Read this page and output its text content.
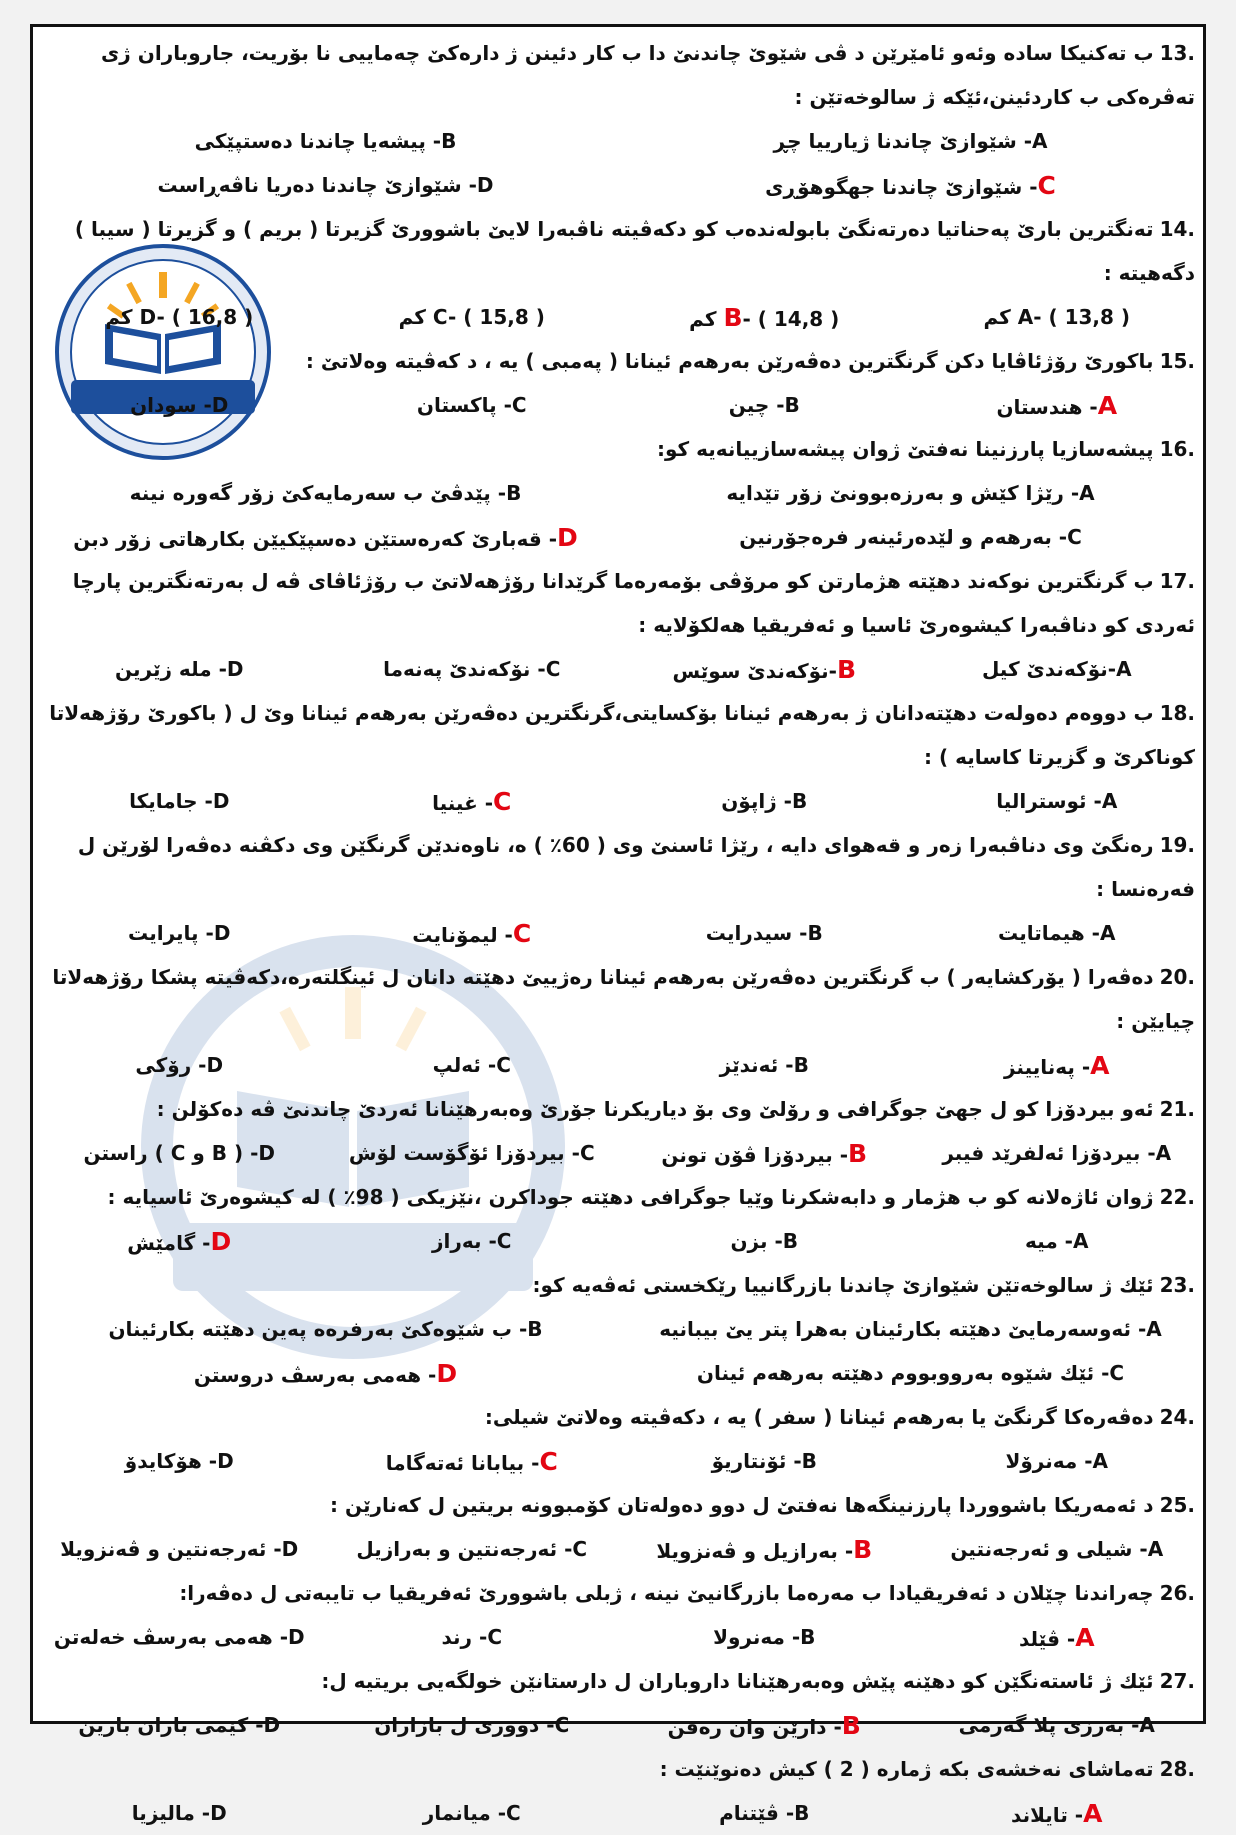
13.ب تەكنیكا سادە وئەو ئامێرێن د ڤی شێوێ چاندنێ دا ب كار دئینن ژ دارەكێ چەماییی نا بۆریت، جاروباران ژی تەڤرەكی ب كاردئینن،ئێكە ژ سالوخەتێن :
A- شێوازێ چاندنا ژیارییا چڕ
B- پیشەیا چاندنا دەستپێكی
C- شێوازێ چاندنا جهگوهۆڕی
D- شێوازێ چاندنا دەریا ناڤەڕاست
14.تەنگترین بارێ پەحناتیا دەرتەنگێ بابولەندەب كو دكەڤیتە ناڤبەرا لایێ باشوورێ گزیرتا ( بریم ) و گزیرتا ( سیبا ) دگەهیتە :
A- ( 13,8 ) كم
B- ( 14,8 ) كم
C- ( 15,8 ) كم
D- ( 16,8 ) كم
15.باكورێ رۆژئاڤایا دكن گرنگترین دەڤەرێن بەرهەم ئینانا ( پەمبی ) یە ، د كەڤیتە وەلاتێ :
A- هندستان
B- چین
C- پاكستان
D- سودان
16.پیشەسازیا پارزنینا نەفتێ ژوان پیشەسازییانەیە كو:
A- رێژا كێش و بەرزەبوونێ زۆر تێدایە
B- پێدڤێ ب سەرمایەكێ زۆر گەورە نینە
C- بەرهەم و لێدەرئینەر فرەجۆرنین
D- قەبارێ كەرەستێن دەسپێكیێن بكارهاتی زۆر دبن
17.ب گرنگترین نوكەند دهێتە هژمارتن كو مرۆڤی بۆمەرەما گرێدانا رۆژهەلاتێ ب رۆژئاڤای ڤە ل بەرتەنگترین پارچا ئەردی كو دناڤبەرا كیشوەرێ ئاسیا و ئەفریقیا هەلكۆلایە :
A-نۆكەندێ كیل
B-نۆكەندێ سوێس
C- نۆكەندێ پەنەما
D- ملە زێرین
18.ب دووەم دەولەت دهێتەدانان ژ بەرهەم ئینانا بۆكسایتی،گرنگترین دەڤەرێن بەرهەم ئینانا وێ ل ( باكورێ رۆژهەلاتا كوناكرێ و گزیرتا كاسایە ) :
A- ئوسترالیا
B- ژاپۆن
C- غینیا
D- جامایكا
19.رەنگێ وی دناڤبەرا زەر و قەهوای دایە ، رێژا ئاسنێ وی ( 60٪ ) ە، ناوەندێن گرنگێن وی دكڤنە دەڤەرا لۆرێن ل فەرەنسا :
A- هیماتایت
B- سیدرایت
C- لیمۆنایت
D- پایرایت
20.دەڤەرا ( یۆركشایەر ) ب گرنگترین دەڤەرێن بەرهەم ئینانا رەژییێ دهێتە دانان ل ئینگلتەرە،دكەڤیتە پشكا رۆژهەلاتا چیایێن :
A- پەنایینز
B- ئەندێز
C- ئەلپ
D- رۆكی
21.ئەو بیردۆزا كو ل جهێ جوگرافی و رۆلێ وی بۆ دیاریكرنا جۆرێ وەبەرهێنانا ئەردێ چاندنێ ڤە دەكۆلن :
A- بیردۆزا ئەلفرێد فیبر
B- بیردۆزا ڤۆن تونن
C- بیردۆزا ئۆگۆست لۆش
D- ( B و C ) راستن
22.ژوان ئاژەلانە كو ب هژمار و دابەشكرنا وێیا جوگرافی دهێتە جوداكرن ،نێزیكی ( 98٪ ) لە كیشوەرێ ئاسیایە :
A- میە
B- بزن
C- بەراز
D- گامێش
23.ئێك ژ سالوخەتێن شێوازێ چاندنا بازرگانییا رێكخستی ئەڤەیە كو:
A- ئەوسەرمایێ دهێتە بكارئینان بەهرا پتر یێ بیبانیە
B- ب شێوەكێ بەرفرەه پەین دهێتە بكارئینان
C- ئێك شێوە بەرووبووم دهێتە بەرهەم ئینان
D- هەمی بەرسڤ دروستن
24.دەڤەرەكا گرنگێ یا بەرهەم ئینانا ( سفر ) یە ، دكەڤیتە وەلاتێ شیلی:
A- مەنرۆلا
B- ئۆنتاریۆ
C- بیابانا ئەتەگاما
D- هۆكایدۆ
25.د ئەمەریكا باشووردا پارزنینگەها نەفتێ ل دوو دەولەتان كۆمبوونە بریتین ل كەنارێن :
A- شیلی و ئەرجەنتین
B- بەرازیل و ڤەنزویلا
C- ئەرجەنتین و بەرازیل
D- ئەرجەنتین و ڤەنزویلا
26.چەراندنا چێلان د ئەفریقیادا ب مەرەما بازرگانیێ نینە ، ژبلی باشوورێ ئەفریقیا ب تایبەتی ل دەڤەرا:
A- ڤێلد
B- مەنرولا
C- رند
D- هەمی بەرسڤ خەلەتن
27.ئێك ژ ئاستەنگێن كو دهێنە پێش وەبەرهێنانا داروباران ل دارستانێن خولگەیی بریتیە ل:
A- بەرزی پلا گەرمی
B- دارێن وان رەقن
C- دووری ل بازاران
D- كێمی باران بارین
28.تەماشای نەخشەی بكە ژمارە ( 2 ) كیش دەنوێنێت :
A- تایلاند
B- ڤێتنام
C- میانمار
D- مالیزیا
